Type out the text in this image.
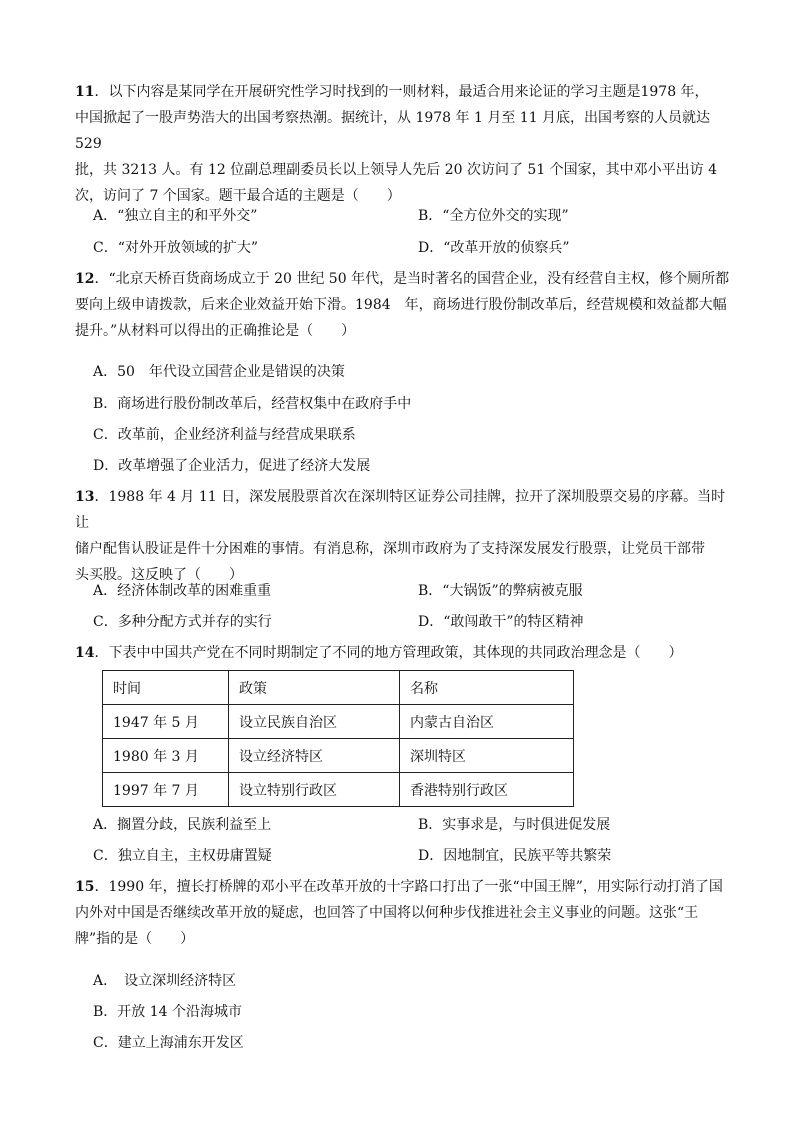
11．以下内容是某同学在开展研究性学习时找到的一则材料，最适合用来论证的学习主题是1978 年，
中国掀起了一股声势浩大的出国考察热潮。据统计，从 1978 年 1 月至 11 月底，出国考察的人员就达 529
批，共 3213 人。有 12 位副总理副委员长以上领导人先后 20 次访问了 51 个国家，其中邓小平出访 4
次，访问了 7 个国家。题干最合适的主题是（　　）
A．“独立自主的和平外交”	B．“全方位外交的实现”
C．“对外开放领域的扩大”	D．“改革开放的侦察兵”
12．“北京天桥百货商场成立于 20 世纪 50 年代，是当时著名的国营企业，没有经营自主权，修个厕所都
要向上级申请拨款，后来企业效益开始下滑。1984　年，商场进行股份制改革后，经营规模和效益都大幅
提升。”从材料可以得出的正确推论是（　　）
A．50　年代设立国营企业是错误的决策
B．商场进行股份制改革后，经营权集中在政府手中
C．改革前，企业经济利益与经营成果联系
D．改革增强了企业活力，促进了经济大发展
13．1988 年 4 月 11 日，深发展股票首次在深圳特区证券公司挂牌，拉开了深圳股票交易的序幕。当时让
储户配售认股证是件十分困难的事情。有消息称，深圳市政府为了支持深发展发行股票，让党员干部带
头买股。这反映了（　　）
A．经济体制改革的困难重重	B．“大锅饭”的弊病被克服
C．多种分配方式并存的实行	D．“敢闯敢干”的特区精神
14．下表中中国共产党在不同时期制定了不同的地方管理政策，其体现的共同政治理念是（　　）
时间	政策	名称
1947 年 5 月	设立民族自治区	内蒙古自治区
1980 年 3 月	设立经济特区	深圳特区
1997 年 7 月	设立特别行政区	香港特别行政区
A．搁置分歧，民族利益至上	B．实事求是，与时俱进促发展
C．独立自主，主权毋庸置疑	D．因地制宜，民族平等共繁荣
15．1990 年，擅长打桥牌的邓小平在改革开放的十字路口打出了一张“中国王牌”，用实际行动打消了国
内外对中国是否继续改革开放的疑虑，也回答了中国将以何种步伐推进社会主义事业的问题。这张“王
牌”指的是（　　）
A．　设立深圳经济特区
B．开放 14 个沿海城市
C．建立上海浦东开发区
